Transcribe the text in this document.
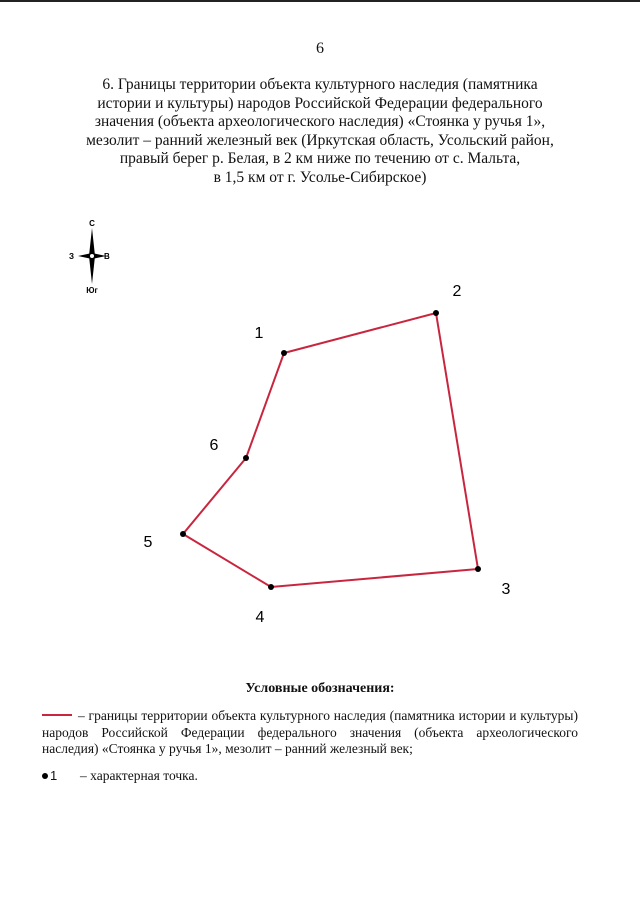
6
6. Границы территории объекта культурного наследия (памятника
истории и культуры) народов Российской Федерации федерального
значения (объекта археологического наследия) «Стоянка у ручья 1»,
мезолит – ранний железный век (Иркутская область, Усольский район,
правый берег р. Белая, в 2 км ниже по течению от с. Мальта,
в 1,5 км от г. Усолье-Сибирское)
С
Юг
З	В
1
2
3
4
5
6
Условные обозначения:
– границы территории объекта культурного наследия (памятника истории и культуры) народов Российской Федерации федерального значения (объекта археологического наследия) «Стоянка у ручья 1», мезолит – ранний железный век;
1 – характерная точка.
